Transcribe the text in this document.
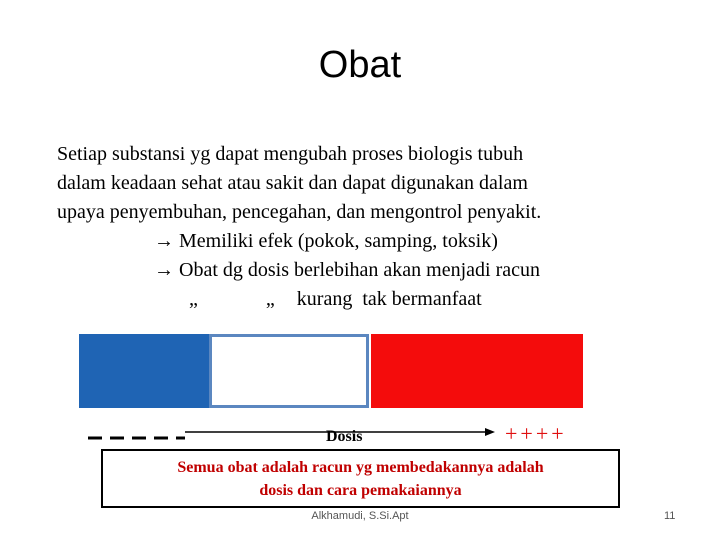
Obat
Setiap substansi yg dapat mengubah proses biologis tubuh
dalam keadaan sehat atau sakit dan dapat digunakan dalam
upaya penyembuhan, pencegahan, dan mengontrol penyakit.
→ Memiliki efek (pokok, samping, toksik)
→ Obat dg dosis berlebihan akan menjadi racun
„	„ kurang tak bermanfaat
Dosis	++++
Semua obat adalah racun yg membedakannya adalah
dosis dan cara pemakaiannya
Alkhamudi, S.Si.Apt	11
